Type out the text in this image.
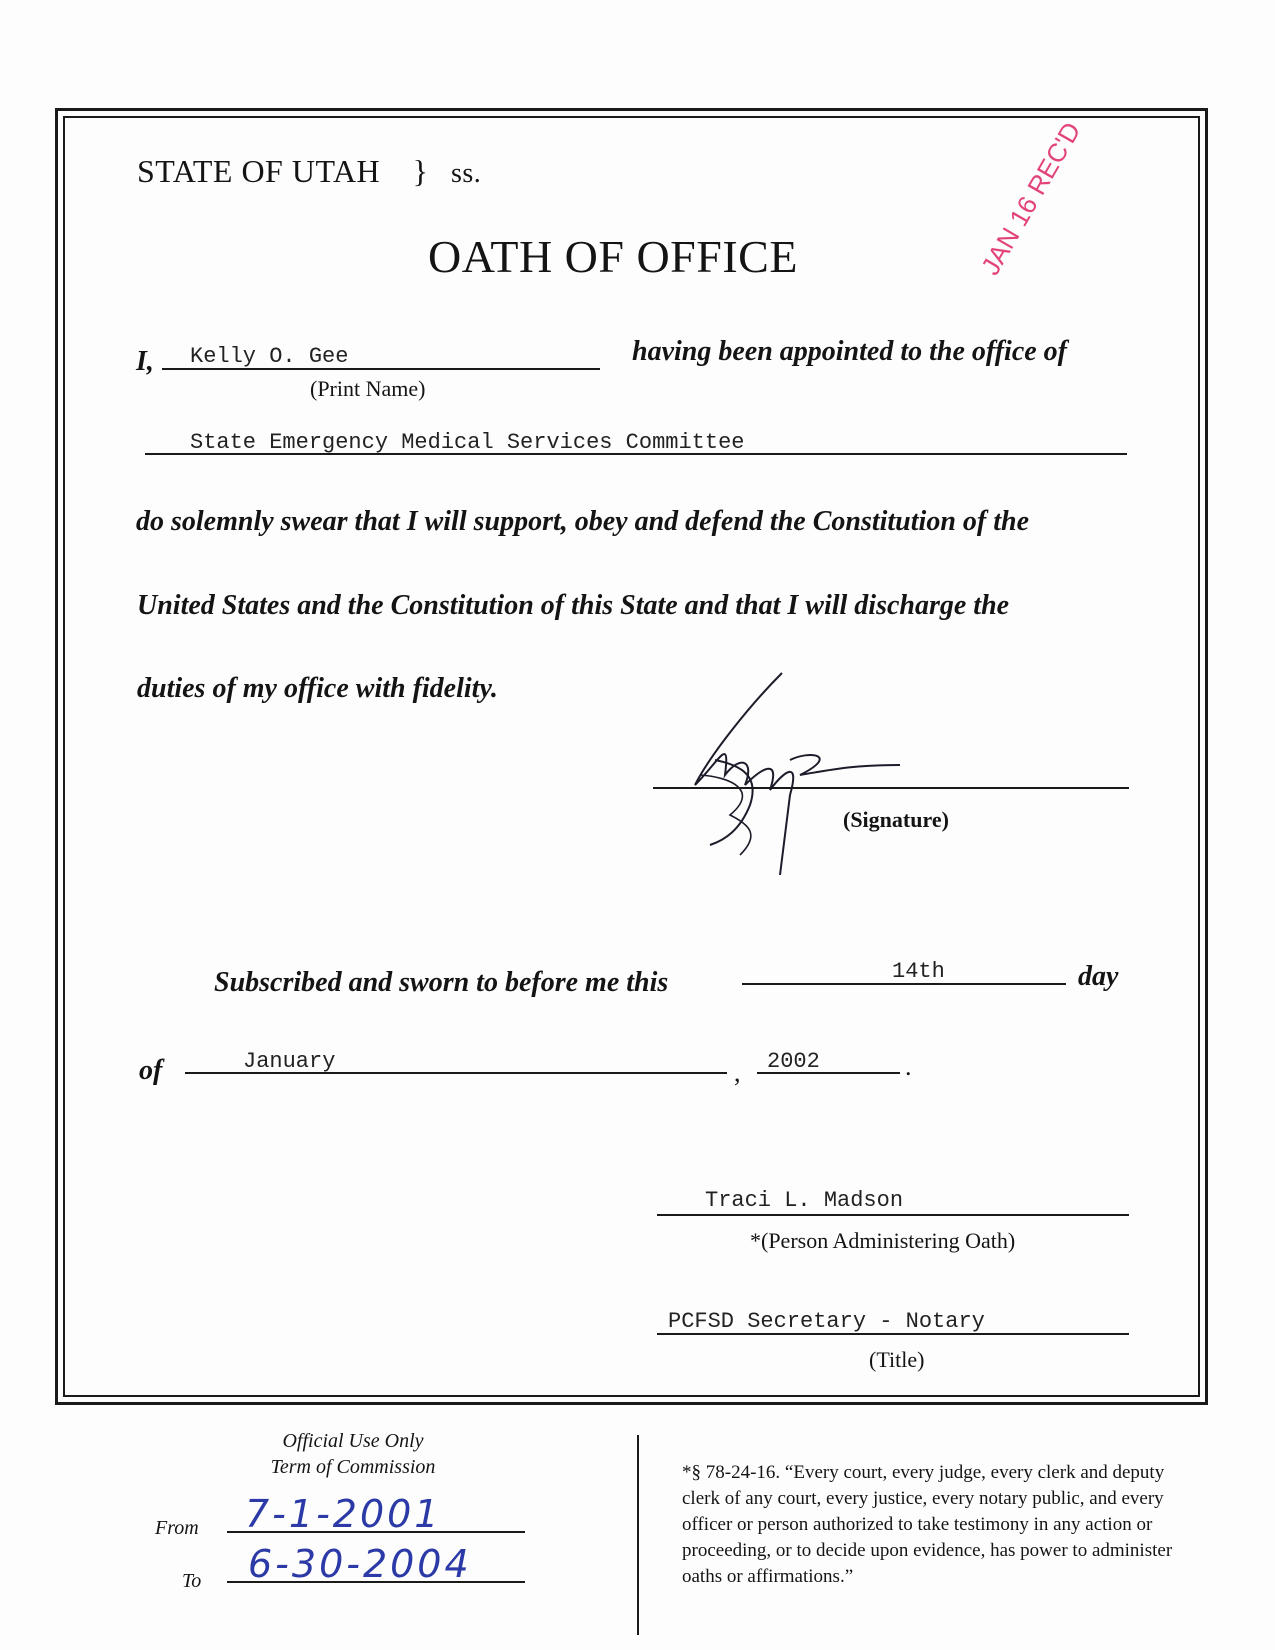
STATE OF UTAH } ss.
OATH OF OFFICE	JAN 16 REC'D
I, Kelly O. Gee
(Print Name)
having been appointed to the office of
State Emergency Medical Services Committee
do solemnly swear that I will support, obey and defend the Constitution of the
United States and the Constitution of this State and that I will discharge the
duties of my office with fidelity.
(Signature)
Subscribed and sworn to before me this	14th	day
of	January	, 2002	.
Traci L. Madson
*(Person Administering Oath)
PCFSD Secretary - Notary
(Title)
Official Use Only
Term of Commission
From 7-1-2001
To 6-30-2004
*§ 78-24-16. “Every court, every judge, every clerk and deputy clerk of any court, every justice, every notary public, and every officer or person authorized to take testimony in any action or proceeding, or to decide upon evidence, has power to administer oaths or affirmations.”
